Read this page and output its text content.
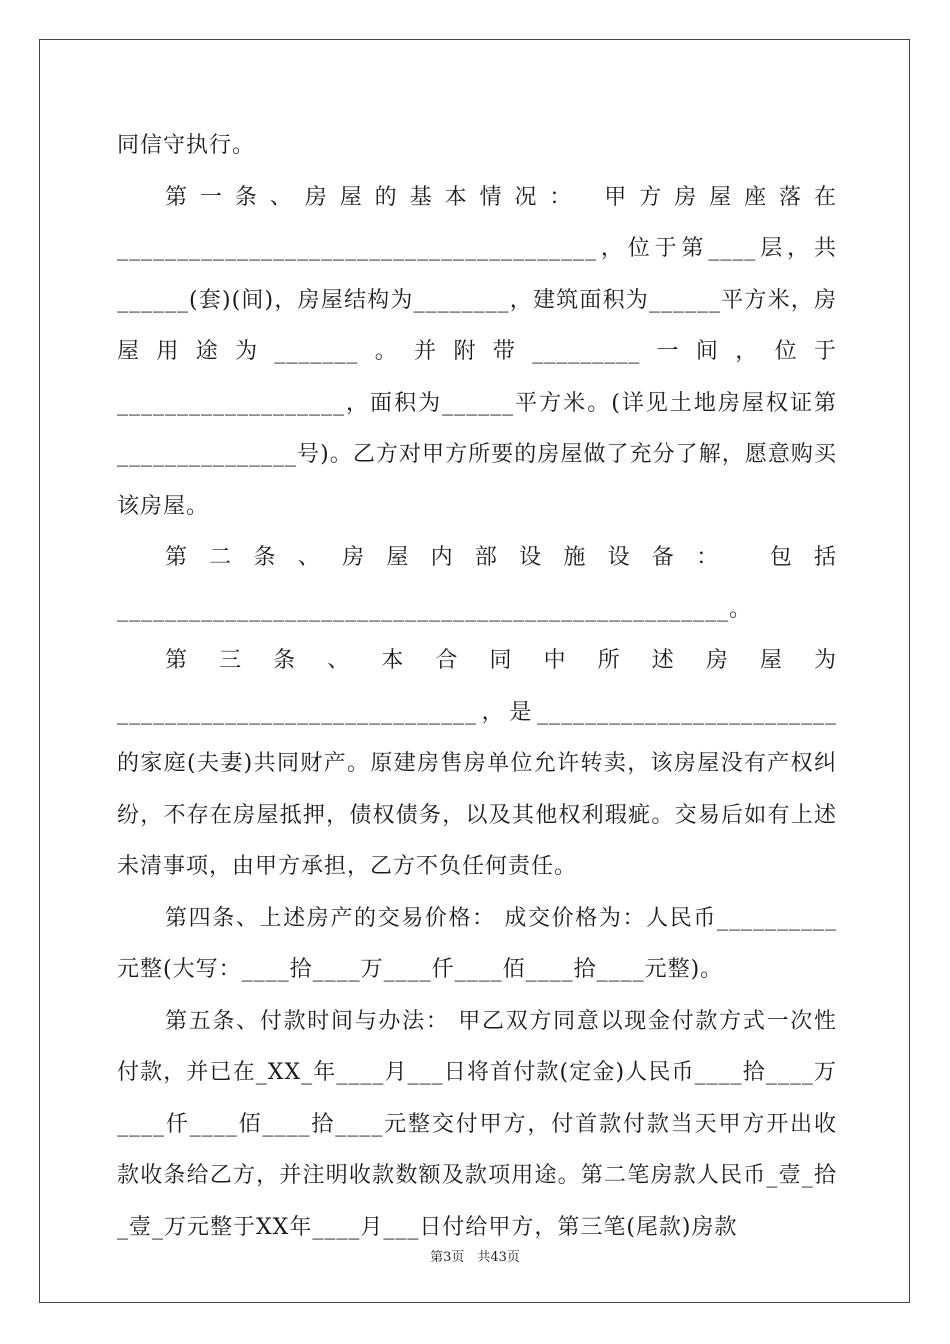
同信守执行。

第一条、房屋的基本情况： 甲方房屋座落在________________________________________，位于第____层，共______(套)(间)，房屋结构为________，建筑面积为______平方米，房屋用途为_______。并附带_________一间，位于___________________，面积为______平方米。(详见土地房屋权证第_______________号)。乙方对甲方所要的房屋做了充分了解，愿意购买该房屋。

第二条、房屋内部设施设备： 包括___________________________________________________。

第三条、本合同中所述房屋为______________________________，是_________________________的家庭(夫妻)共同财产。原建房售房单位允许转卖，该房屋没有产权纠纷，不存在房屋抵押，债权债务，以及其他权利瑕疵。交易后如有上述未清事项，由甲方承担，乙方不负任何责任。

第四条、上述房产的交易价格： 成交价格为：人民币__________元整(大写：____拾____万____仟____佰____拾____元整)。

第五条、付款时间与办法： 甲乙双方同意以现金付款方式一次性付款，并已在_XX_年____月___日将首付款(定金)人民币____拾____万____仟____佰____拾____元整交付甲方，付首款付款当天甲方开出收款收条给乙方，并注明收款数额及款项用途。第二笔房款人民币_壹_拾_壹_万元整于XX年____月___日付给甲方，第三笔(尾款)房款

第3页　共43页
